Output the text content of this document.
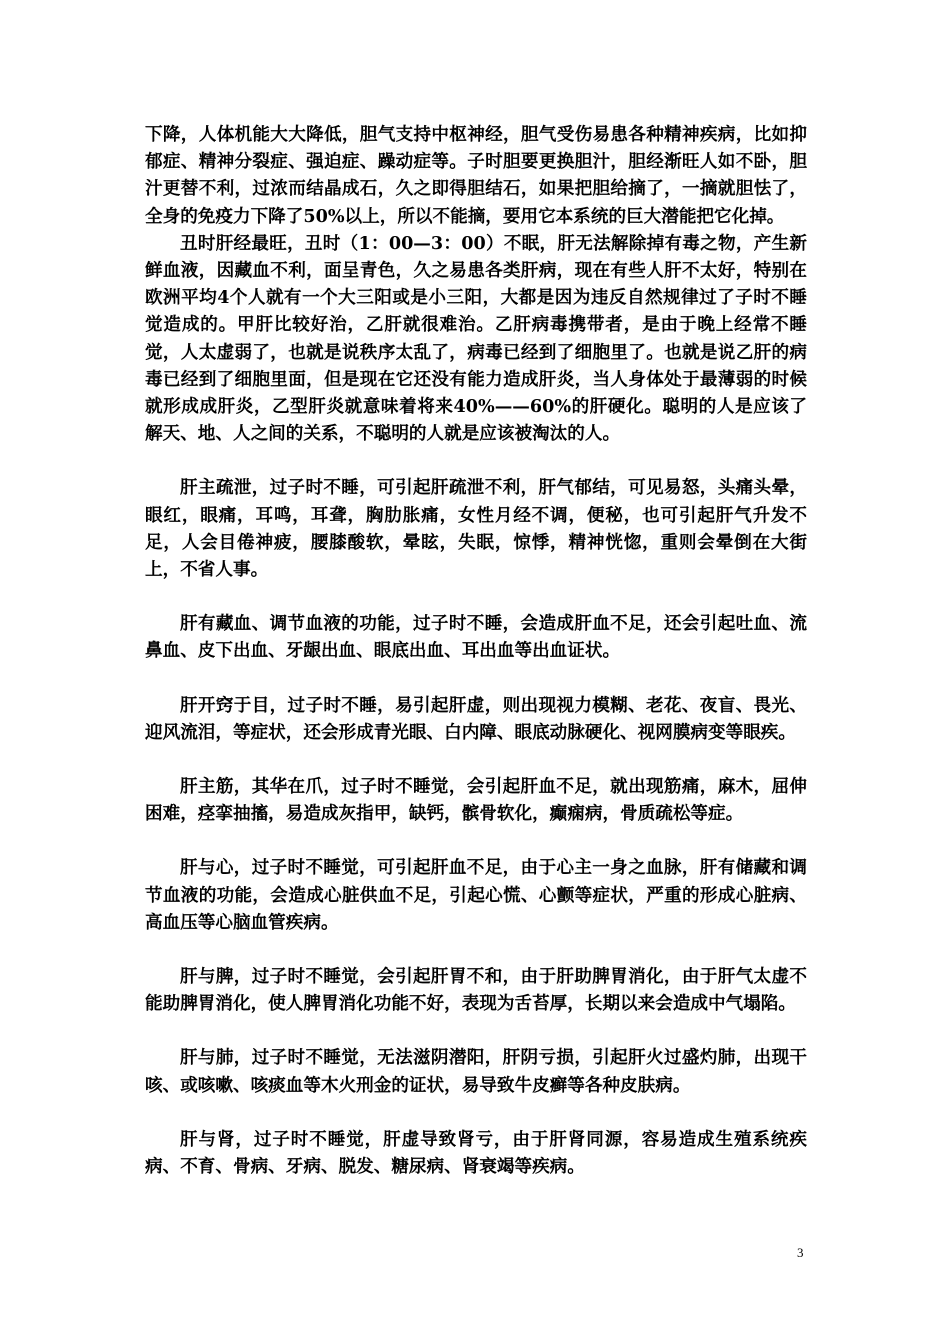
下降，人体机能大大降低，胆气支持中枢神经，胆气受伤易患各种精神疾病，比如抑郁症、精神分裂症、强迫症、躁动症等。子时胆要更换胆汁，胆经渐旺人如不卧，胆汁更替不利，过浓而结晶成石，久之即得胆结石，如果把胆给摘了，一摘就胆怯了，全身的免疫力下降了50%以上，所以不能摘，要用它本系统的巨大潜能把它化掉。

丑时肝经最旺，丑时（1：00—3：00）不眠，肝无法解除掉有毒之物，产生新鲜血液，因藏血不利，面呈青色，久之易患各类肝病，现在有些人肝不太好，特别在欧洲平均4个人就有一个大三阳或是小三阳，大都是因为违反自然规律过了子时不睡觉造成的。甲肝比较好治，乙肝就很难治。乙肝病毒携带者，是由于晚上经常不睡觉，人太虚弱了，也就是说秩序太乱了，病毒已经到了细胞里了。也就是说乙肝的病毒已经到了细胞里面，但是现在它还没有能力造成肝炎，当人身体处于最薄弱的时候就形成成肝炎，乙型肝炎就意味着将来40%——60%的肝硬化。聪明的人是应该了解天、地、人之间的关系，不聪明的人就是应该被淘汰的人。

肝主疏泄，过子时不睡，可引起肝疏泄不利，肝气郁结，可见易怒，头痛头晕，眼红，眼痛，耳鸣，耳聋，胸肋胀痛，女性月经不调，便秘，也可引起肝气升发不足，人会目倦神疲，腰膝酸软，晕眩，失眠，惊悸，精神恍惚，重则会晕倒在大街上，不省人事。

肝有藏血、调节血液的功能，过子时不睡，会造成肝血不足，还会引起吐血、流鼻血、皮下出血、牙龈出血、眼底出血、耳出血等出血证状。

肝开窍于目，过子时不睡，易引起肝虚，则出现视力模糊、老花、夜盲、畏光、迎风流泪，等症状，还会形成青光眼、白内障、眼底动脉硬化、视网膜病变等眼疾。

肝主筋，其华在爪，过子时不睡觉，会引起肝血不足，就出现筋痛，麻木，屈伸困难，痉挛抽搐，易造成灰指甲，缺钙，髌骨软化，癫痫病，骨质疏松等症。

肝与心，过子时不睡觉，可引起肝血不足，由于心主一身之血脉，肝有储藏和调节血液的功能，会造成心脏供血不足，引起心慌、心颤等症状，严重的形成心脏病、高血压等心脑血管疾病。

肝与脾，过子时不睡觉，会引起肝胃不和，由于肝助脾胃消化，由于肝气太虚不能助脾胃消化，使人脾胃消化功能不好，表现为舌苔厚，长期以来会造成中气塌陷。

肝与肺，过子时不睡觉，无法滋阴潜阳，肝阴亏损，引起肝火过盛灼肺，出现干咳、或咳嗽、咳痰血等木火刑金的证状，易导致牛皮癣等各种皮肤病。

肝与肾，过子时不睡觉，肝虚导致肾亏，由于肝肾同源，容易造成生殖系统疾病、不育、骨病、牙病、脱发、糖尿病、肾衰竭等疾病。

3
